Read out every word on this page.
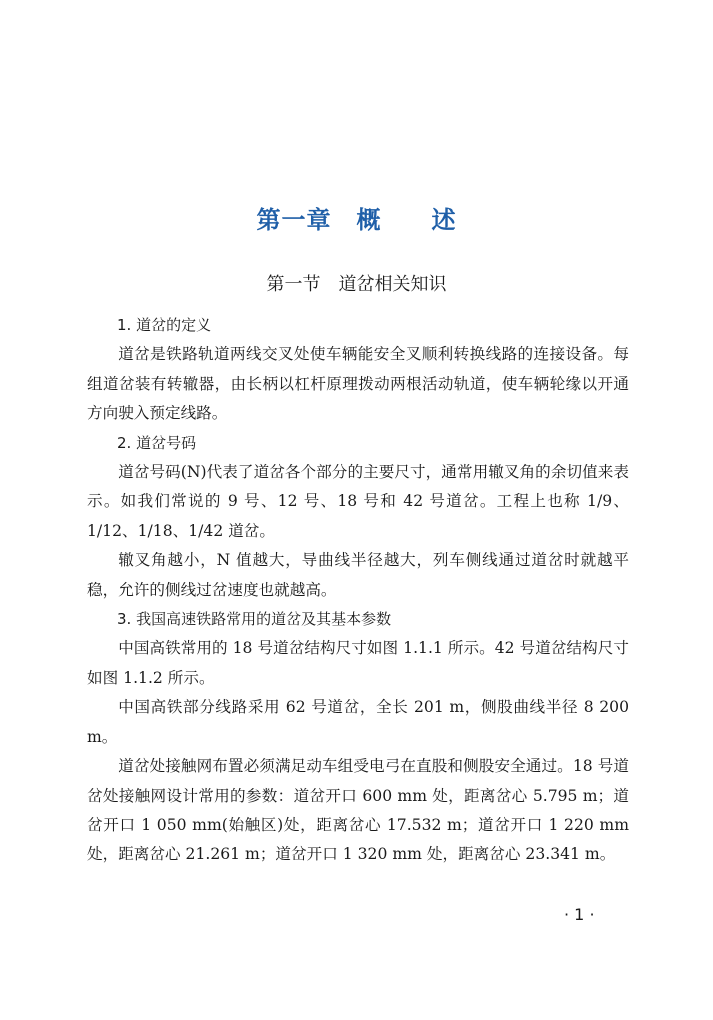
第一章　概　　述
第一节　道岔相关知识

1. 道岔的定义

道岔是铁路轨道两线交叉处使车辆能安全叉顺利转换线路的连接设备。每组道岔装有转辙器，由长柄以杠杆原理拨动两根活动轨道，使车辆轮缘以开通方向驶入预定线路。

2. 道岔号码

道岔号码(N)代表了道岔各个部分的主要尺寸，通常用辙叉角的余切值来表示。如我们常说的 9 号、12 号、18 号和 42 号道岔。工程上也称 1/9、1/12、1/18、1/42 道岔。

辙叉角越小，N 值越大，导曲线半径越大，列车侧线通过道岔时就越平稳，允许的侧线过岔速度也就越高。

3. 我国高速铁路常用的道岔及其基本参数

中国高铁常用的 18 号道岔结构尺寸如图 1.1.1 所示。42 号道岔结构尺寸如图 1.1.2 所示。

中国高铁部分线路采用 62 号道岔，全长 201 m，侧股曲线半径 8 200 m。

道岔处接触网布置必须满足动车组受电弓在直股和侧股安全通过。18 号道岔处接触网设计常用的参数：道岔开口 600 mm 处，距离岔心 5.795 m；道岔开口 1 050 mm(始触区)处，距离岔心 17.532 m；道岔开口 1 220 mm 处，距离岔心 21.261 m；道岔开口 1 320 mm 处，距离岔心 23.341 m。

· 1 ·
